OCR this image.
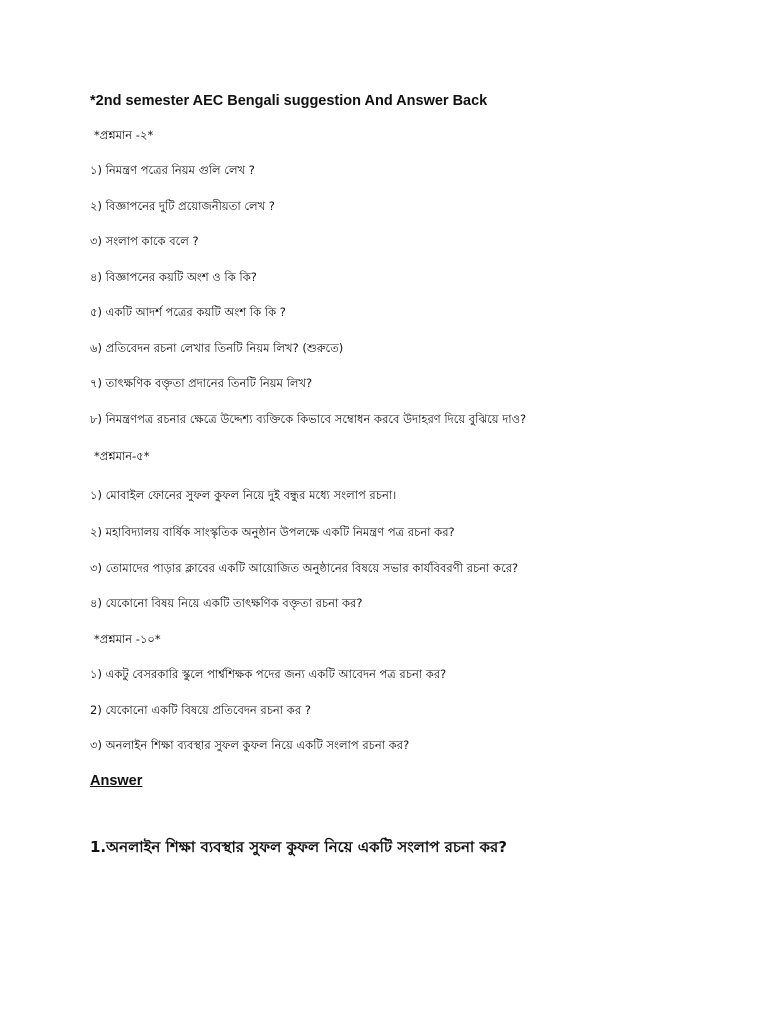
*2nd semester AEC Bengali suggestion And Answer Back
*প্রশ্নমান -২*
১) নিমন্ত্রণ পত্রের নিয়ম গুলি লেখ ?
২) বিজ্ঞাপনের দুটি প্রয়োজনীয়তা লেখ ?
৩) সংলাপ কাকে বলে ?
৪) বিজ্ঞাপনের কয়টি অংশ ও কি কি?
৫) একটি আদর্শ পত্রের কয়টি অংশ কি কি ?
৬) প্রতিবেদন রচনা লেখার তিনটি নিয়ম লিখ? (শুরুতে)
৭) তাৎক্ষণিক বক্তৃতা প্রদানের তিনটি নিয়ম লিখ?
৮) নিমন্ত্রণপত্র রচনার ক্ষেত্রে উদ্দেশ্য ব্যক্তিকে কিভাবে সম্বোধন করবে উদাহরণ দিয়ে বুঝিয়ে দাও?
*প্রশ্নমান-৫*
১) মোবাইল ফোনের সুফল কুফল নিয়ে দুই বন্ধুর মধ্যে সংলাপ রচনা।
২) মহাবিদ্যালয় বার্ষিক সাংস্কৃতিক অনুষ্ঠান উপলক্ষে একটি নিমন্ত্রণ পত্র রচনা কর?
৩) তোমাদের পাড়ার ক্লাবের একটি আয়োজিত অনুষ্ঠানের বিষয়ে সভার কার্যবিবরণী রচনা করে?
৪) যেকোনো বিষয় নিয়ে একটি তাৎক্ষণিক বক্তৃতা রচনা কর?
*প্রশ্নমান -১০*
১) একটু বেসরকারি স্কুলে পার্শ্বশিক্ষক পদের জন্য একটি আবেদন পত্র রচনা কর?
2) যেকোনো একটি বিষয়ে প্রতিবেদন রচনা কর ?
৩) অনলাইন শিক্ষা ব্যবস্থার সুফল কুফল নিয়ে একটি সংলাপ রচনা কর?
Answer
1.অনলাইন শিক্ষা ব্যবস্থার সুফল কুফল নিয়ে একটি সংলাপ রচনা কর?
